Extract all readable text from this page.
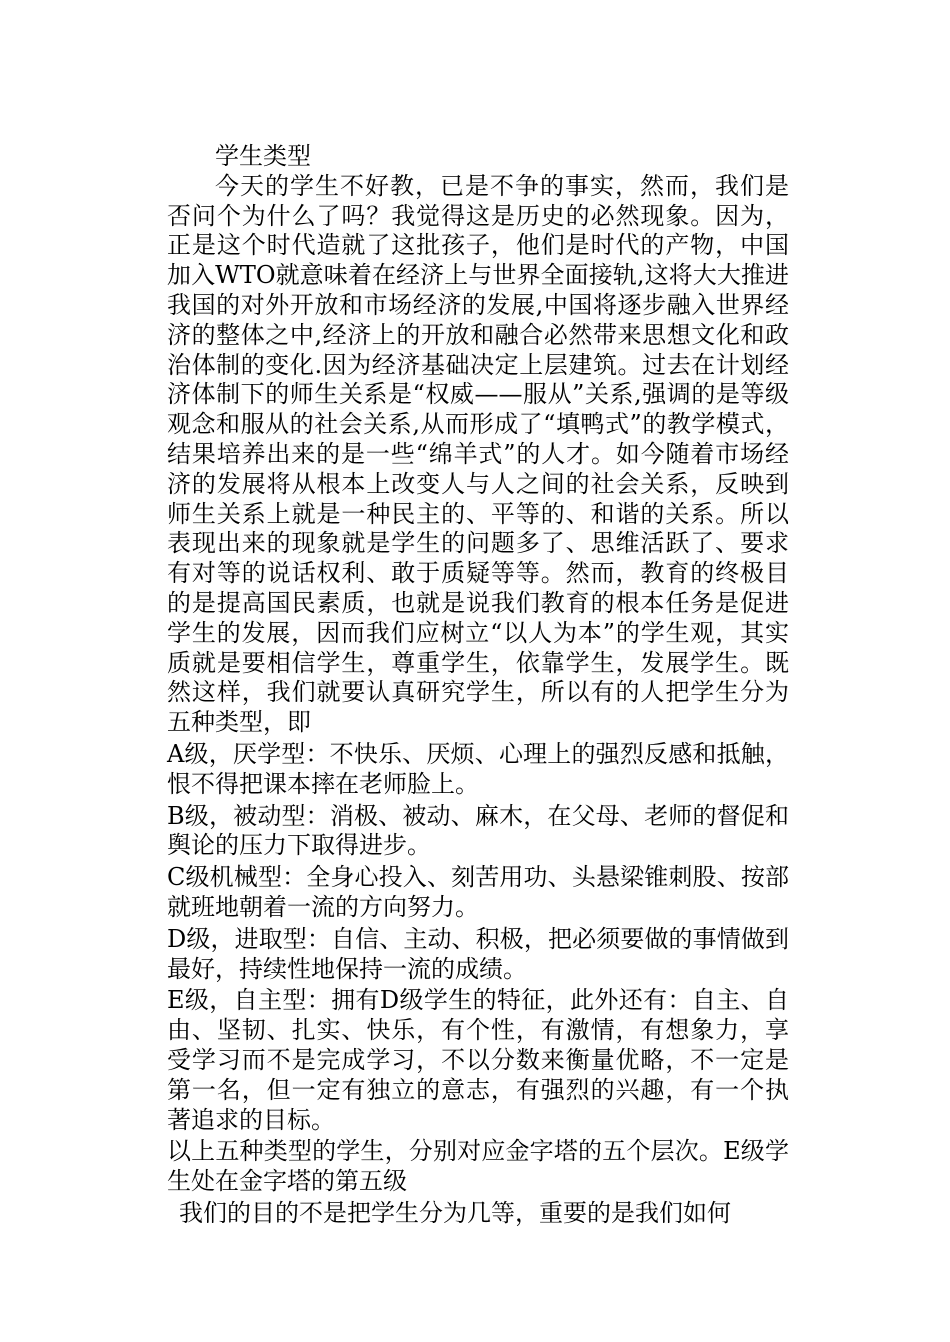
学生类型

今天的学生不好教，已是不争的事实，然而，我们是否问个为什么了吗？我觉得这是历史的必然现象。因为，正是这个时代造就了这批孩子，他们是时代的产物，中国加入WTO就意味着在经济上与世界全面接轨,这将大大推进我国的对外开放和市场经济的发展,中国将逐步融入世界经济的整体之中,经济上的开放和融合必然带来思想文化和政治体制的变化.因为经济基础决定上层建筑。过去在计划经济体制下的师生关系是“权威——服从”关系,强调的是等级观念和服从的社会关系,从而形成了“填鸭式”的教学模式，结果培养出来的是一些“绵羊式”的人才。如今随着市场经济的发展将从根本上改变人与人之间的社会关系，反映到师生关系上就是一种民主的、平等的、和谐的关系。所以表现出来的现象就是学生的问题多了、思维活跃了、要求有对等的说话权利、敢于质疑等等。然而，教育的终极目的是提高国民素质，也就是说我们教育的根本任务是促进学生的发展，因而我们应树立“以人为本”的学生观，其实质就是要相信学生，尊重学生，依靠学生，发展学生。既然这样，我们就要认真研究学生，所以有的人把学生分为 五种类型，即

A级，厌学型：不快乐、厌烦、心理上的强烈反感和抵触，恨不得把课本摔在老师脸上。

B级，被动型：消极、被动、麻木，在父母、老师的督促和舆论的压力下取得进步。

C级机械型：全身心投入、刻苦用功、头悬梁锥刺股、按部就班地朝着一流的方向努力。

D级，进取型：自信、主动、积极，把必须要做的事情做到最好，持续性地保持一流的成绩。

E级，自主型：拥有D级学生的特征，此外还有：自主、自由、坚韧、扎实、快乐，有个性，有激情，有想象力，享受学习而不是完成学习，不以分数来衡量优略，不一定是第一名，但一定有独立的意志，有强烈的兴趣，有一个执著追求的目标。

以上五种类型的学生，分别对应金字塔的五个层次。E级学生处在金字塔的第五级

我们的目的不是把学生分为几等，重要的是我们如何
